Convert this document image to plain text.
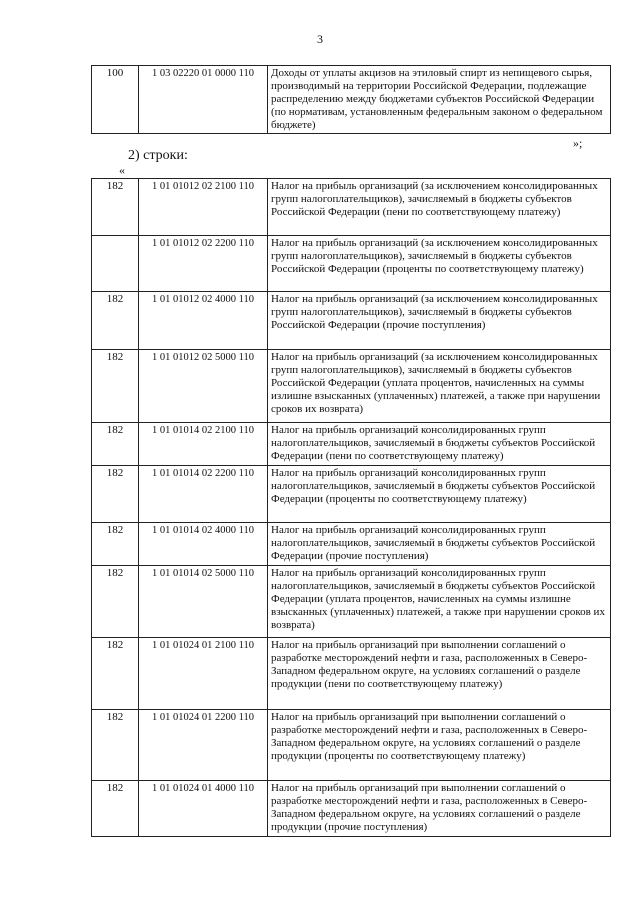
3
100	1 03 02220 01 0000 110	Доходы от уплаты акцизов на этиловый спирт из непищевого сырья, производимый на территории Российской Федерации, подлежащие распределению между бюджетами субъектов Российской Федерации (по нормативам, установленным федеральным законом о федеральном бюджете)
»;
2) строки:
«
182	1 01 01012 02 2100 110	Налог на прибыль организаций (за исключением консолидированных групп налогоплательщиков), зачисляемый в бюджеты субъектов Российской Федерации (пени по соответствующему платежу)
	1 01 01012 02 2200 110	Налог на прибыль организаций (за исключением консолидированных групп налогоплательщиков), зачисляемый в бюджеты субъектов Российской Федерации (проценты по соответствующему платежу)
182	1 01 01012 02 4000 110	Налог на прибыль организаций (за исключением консолидированных групп налогоплательщиков), зачисляемый в бюджеты субъектов Российской Федерации (прочие поступления)
182	1 01 01012 02 5000 110	Налог на прибыль организаций (за исключением консолидированных групп налогоплательщиков), зачисляемый в бюджеты субъектов Российской Федерации (уплата процентов, начисленных на суммы излишне взысканных (уплаченных) платежей, а также при нарушении сроков их возврата)
182	1 01 01014 02 2100 110	Налог на прибыль организаций консолидированных групп налогоплательщиков, зачисляемый в бюджеты субъектов Российской Федерации (пени по соответствующему платежу)
182	1 01 01014 02 2200 110	Налог на прибыль организаций консолидированных групп налогоплательщиков, зачисляемый в бюджеты субъектов Российской Федерации (проценты по соответствующему платежу)
182	1 01 01014 02 4000 110	Налог на прибыль организаций консолидированных групп налогоплательщиков, зачисляемый в бюджеты субъектов Российской Федерации (прочие поступления)
182	1 01 01014 02 5000 110	Налог на прибыль организаций консолидированных групп налогоплательщиков, зачисляемый в бюджеты субъектов Российской Федерации (уплата процентов, начисленных на суммы излишне взысканных (уплаченных) платежей, а также при нарушении сроков их возврата)
182	1 01 01024 01 2100 110	Налог на прибыль организаций при выполнении соглашений о разработке месторождений нефти и газа, расположенных в Северо-Западном федеральном округе, на условиях соглашений о разделе продукции (пени по соответствующему платежу)
182	1 01 01024 01 2200 110	Налог на прибыль организаций при выполнении соглашений о разработке месторождений нефти и газа, расположенных в Северо-Западном федеральном округе, на условиях соглашений о разделе продукции (проценты по соответствующему платежу)
182	1 01 01024 01 4000 110	Налог на прибыль организаций при выполнении соглашений о разработке месторождений нефти и газа, расположенных в Северо-Западном федеральном округе, на условиях соглашений о разделе продукции (прочие поступления)
